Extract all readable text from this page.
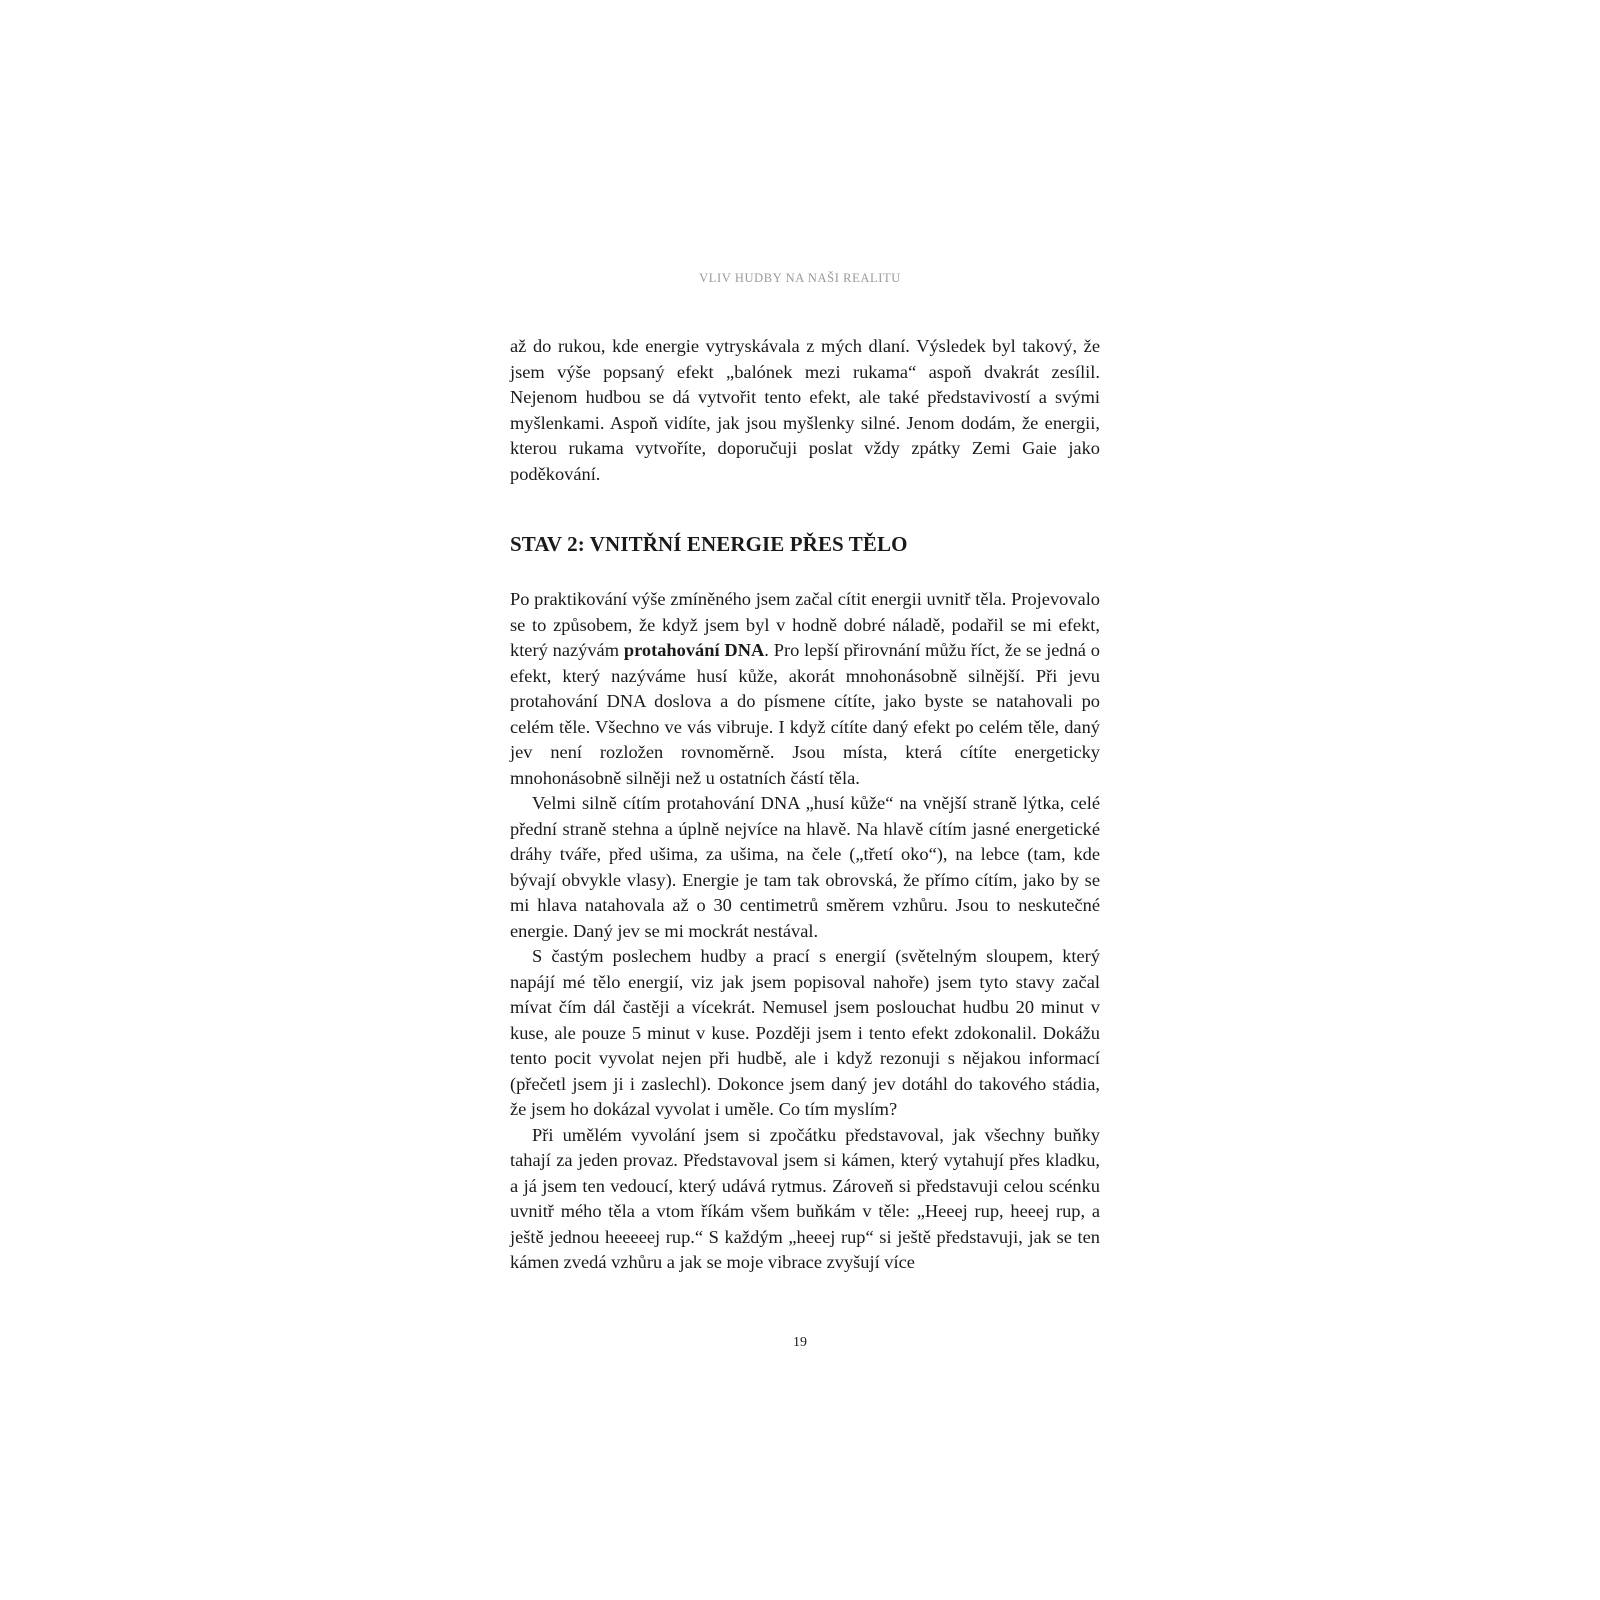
VLIV HUDBY NA NAŠI REALITU

až do rukou, kde energie vytryskávala z mých dlaní. Výsledek byl takový, že jsem výše popsaný efekt „balónek mezi rukama“ aspoň dvakrát zesílil. Nejenom hudbou se dá vytvořit tento efekt, ale také představivostí a svými myšlenkami. Aspoň vidíte, jak jsou myšlenky silné. Jenom dodám, že energii, kterou rukama vytvoříte, doporučuji poslat vždy zpátky Zemi Gaie jako poděkování.

STAV 2: VNITŘNÍ ENERGIE PŘES TĚLO

Po praktikování výše zmíněného jsem začal cítit energii uvnitř těla. Projevovalo se to způsobem, že když jsem byl v hodně dobré náladě, podařil se mi efekt, který nazývám protahování DNA. Pro lepší přirovnání můžu říct, že se jedná o efekt, který nazýváme husí kůže, akorát mnohonásobně silnější. Při jevu protahování DNA doslova a do písmene cítíte, jako byste se natahovali po celém těle. Všechno ve vás vibruje. I když cítíte daný efekt po celém těle, daný jev není rozložen rovnoměrně. Jsou místa, která cítíte energeticky mnohonásobně silněji než u ostatních částí těla.

Velmi silně cítím protahování DNA „husí kůže“ na vnější straně lýtka, celé přední straně stehna a úplně nejvíce na hlavě. Na hlavě cítím jasné energetické dráhy tváře, před ušima, za ušima, na čele („třetí oko“), na lebce (tam, kde bývají obvykle vlasy). Energie je tam tak obrovská, že přímo cítím, jako by se mi hlava natahovala až o 30 centimetrů směrem vzhůru. Jsou to neskutečné energie. Daný jev se mi mockrát nestával.

S častým poslechem hudby a prací s energií (světelným sloupem, který napájí mé tělo energií, viz jak jsem popisoval nahoře) jsem tyto stavy začal mívat čím dál častěji a vícekrát. Nemusel jsem poslouchat hudbu 20 minut v kuse, ale pouze 5 minut v kuse. Později jsem i tento efekt zdokonalil. Dokážu tento pocit vyvolat nejen při hudbě, ale i když rezonuji s nějakou informací (přečetl jsem ji i zaslechl). Dokonce jsem daný jev dotáhl do takového stádia, že jsem ho dokázal vyvolat i uměle. Co tím myslím?

Při umělém vyvolání jsem si zpočátku představoval, jak všechny buňky tahají za jeden provaz. Představoval jsem si kámen, který vytahují přes kladku, a já jsem ten vedoucí, který udává rytmus. Zároveň si představuji celou scénku uvnitř mého těla a vtom říkám všem buňkám v těle: „Heeej rup, heeej rup, a ještě jednou heeeeej rup.“ S každým „heeej rup“ si ještě představuji, jak se ten kámen zvedá vzhůru a jak se moje vibrace zvyšují více

19
